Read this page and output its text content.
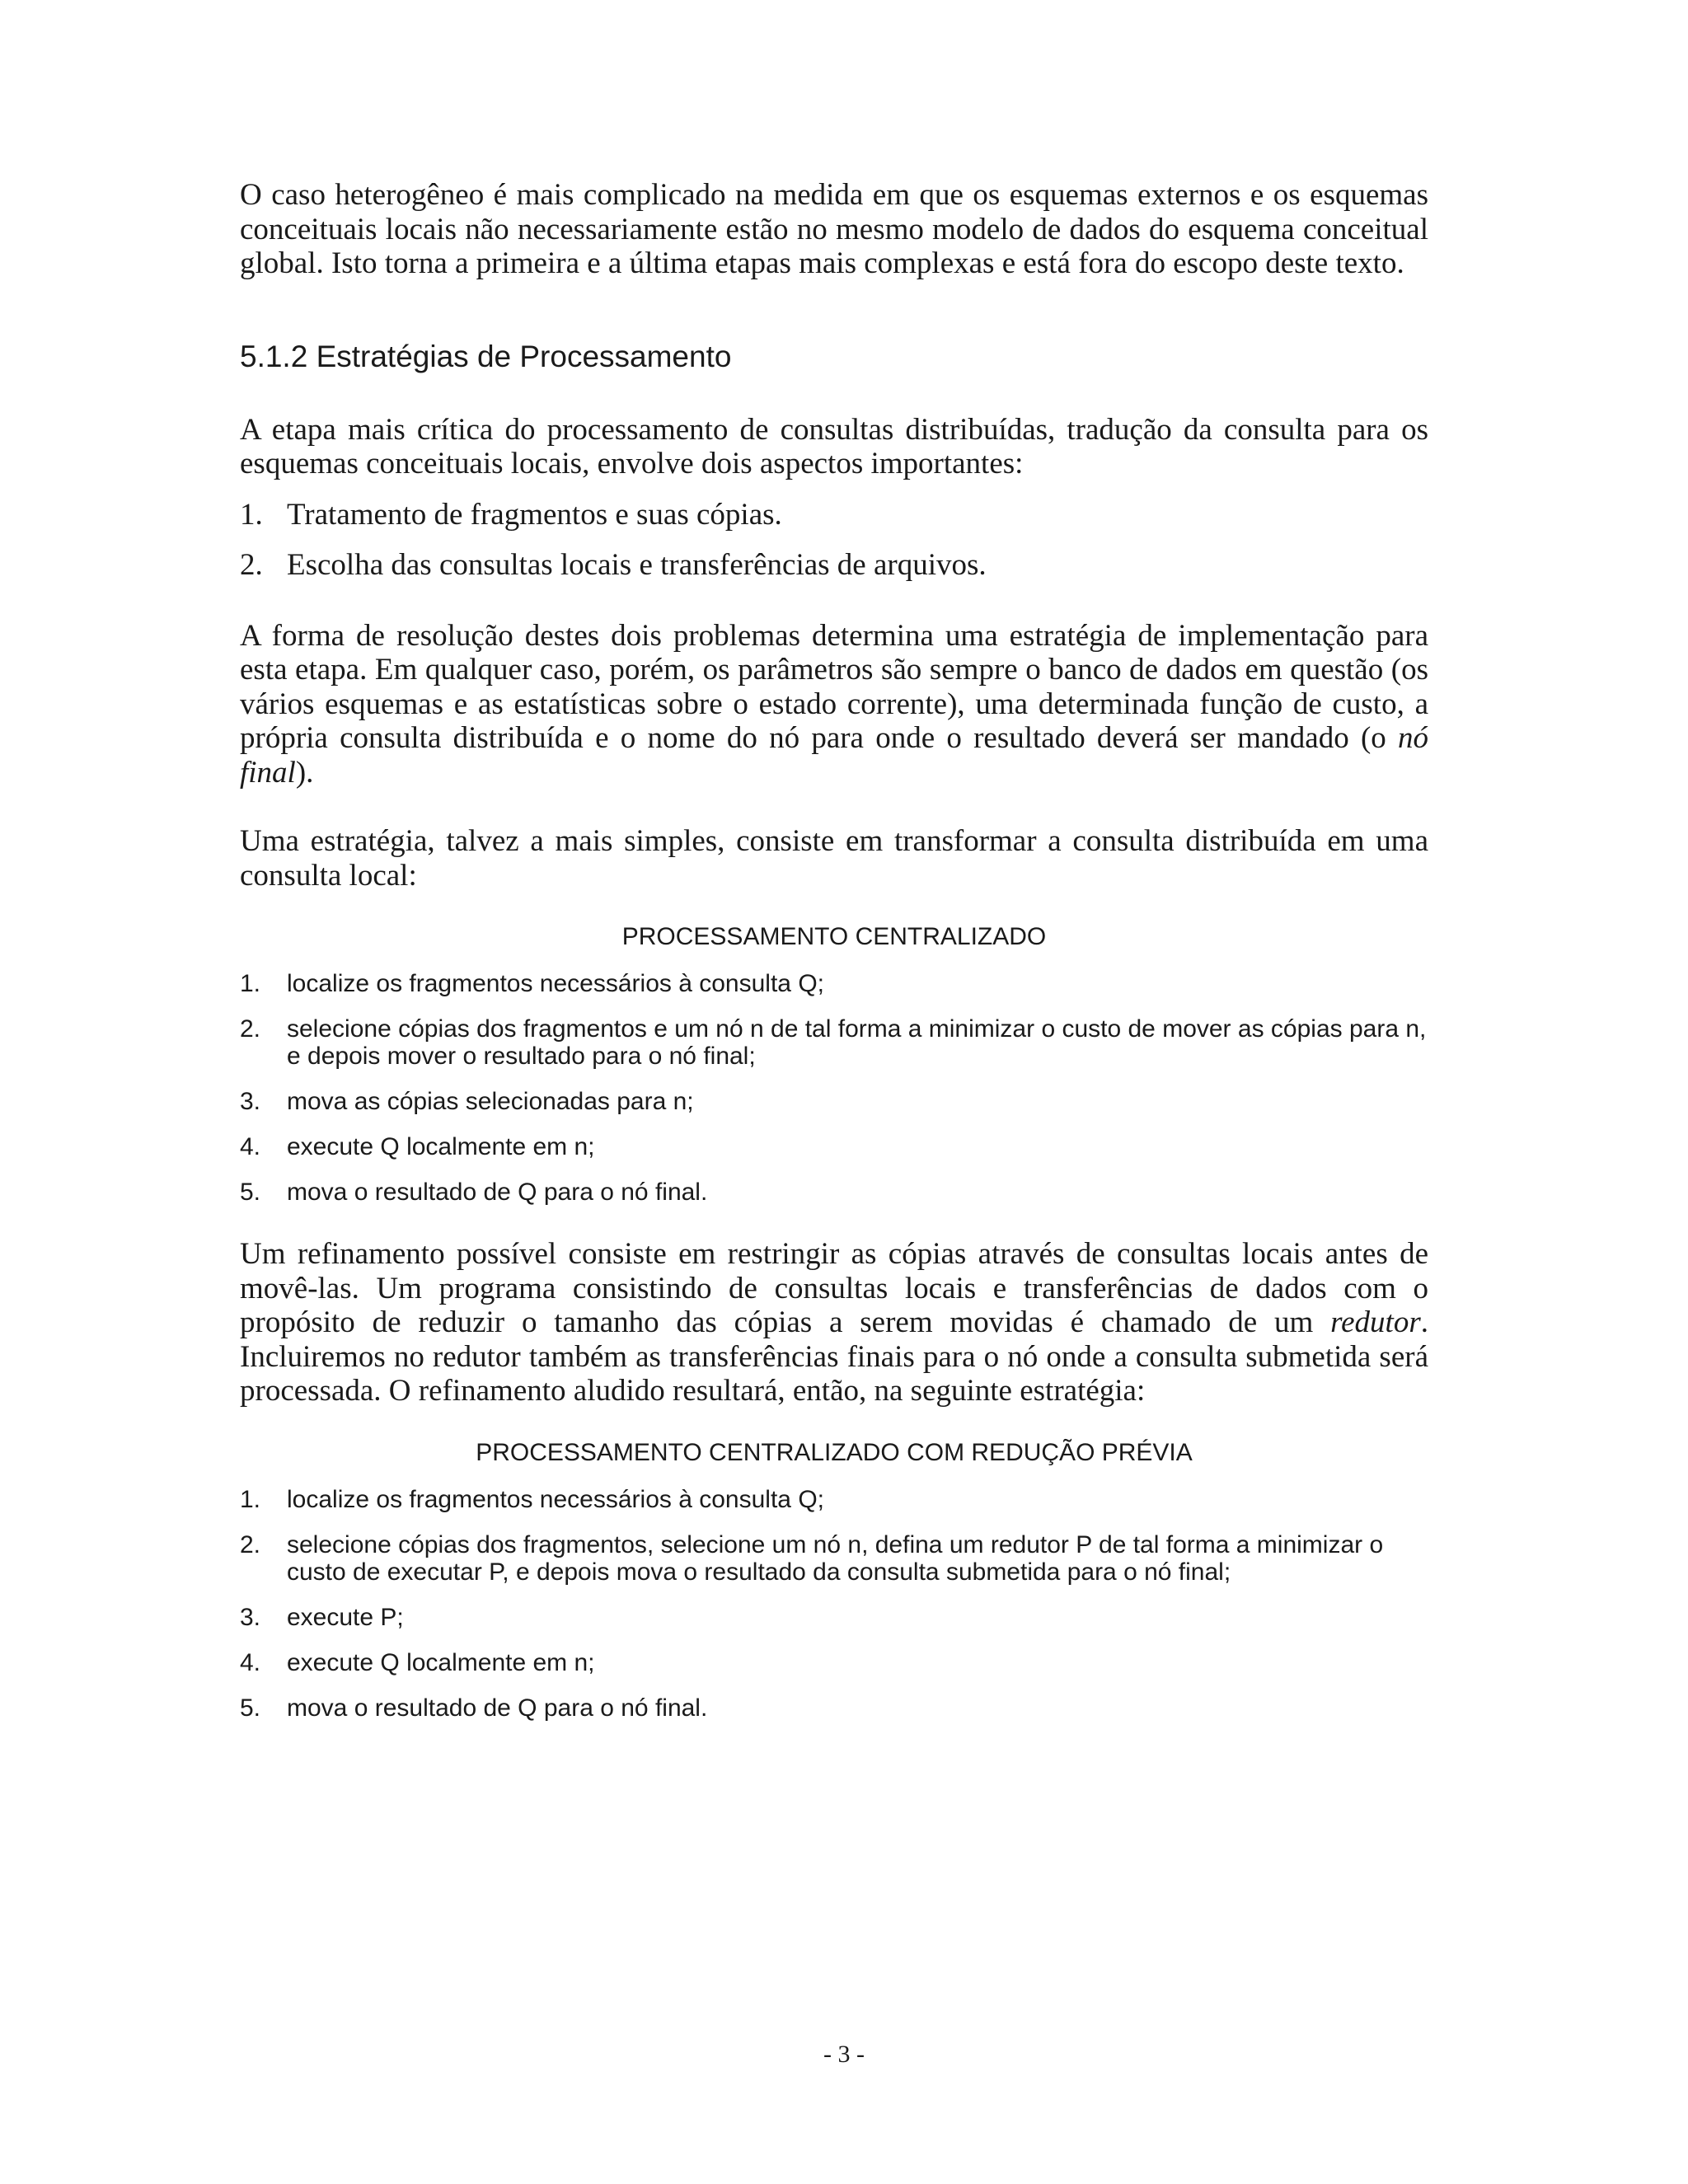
O caso heterogêneo é mais complicado na medida em que os esquemas externos e os esquemas conceituais locais não necessariamente estão no mesmo modelo de dados do esquema conceitual global. Isto torna a primeira e a última etapas mais complexas e está fora do escopo deste texto.

5.1.2 Estratégias de Processamento

A etapa mais crítica do processamento de consultas distribuídas, tradução da consulta para os esquemas conceituais locais, envolve dois aspectos importantes:

1. Tratamento de fragmentos e suas cópias.
2. Escolha das consultas locais e transferências de arquivos.

A forma de resolução destes dois problemas determina uma estratégia de implementação para esta etapa. Em qualquer caso, porém, os parâmetros são sempre o banco de dados em questão (os vários esquemas e as estatísticas sobre o estado corrente), uma determinada função de custo, a própria consulta distribuída e o nome do nó para onde o resultado deverá ser mandado (o nó final).

Uma estratégia, talvez a mais simples, consiste em transformar a consulta distribuída em uma consulta local:

PROCESSAMENTO CENTRALIZADO

1.	localize os fragmentos necessários à consulta Q;
2.	selecione cópias dos fragmentos e um nó n de tal forma a minimizar o custo de mover as cópias para n, e depois mover o resultado para o nó final;
3.	mova as cópias selecionadas para n;
4.	execute Q localmente em n;
5.	mova o resultado de Q para o nó final.

Um refinamento possível consiste em restringir as cópias através de consultas locais antes de movê-las. Um programa consistindo de consultas locais e transferências de dados com o propósito de reduzir o tamanho das cópias a serem movidas é chamado de um redutor. Incluiremos no redutor também as transferências finais para o nó onde a consulta submetida será processada. O refinamento aludido resultará, então, na seguinte estratégia:

PROCESSAMENTO CENTRALIZADO COM REDUÇÃO PRÉVIA

1.	localize os fragmentos necessários à consulta Q;
2.	selecione cópias dos fragmentos, selecione um nó n, defina um redutor P de tal forma a minimizar o custo de executar P, e depois mova o resultado da consulta submetida para o nó final;
3.	execute P;
4.	execute Q localmente em n;
5.	mova o resultado de Q para o nó final.
- 3 -
